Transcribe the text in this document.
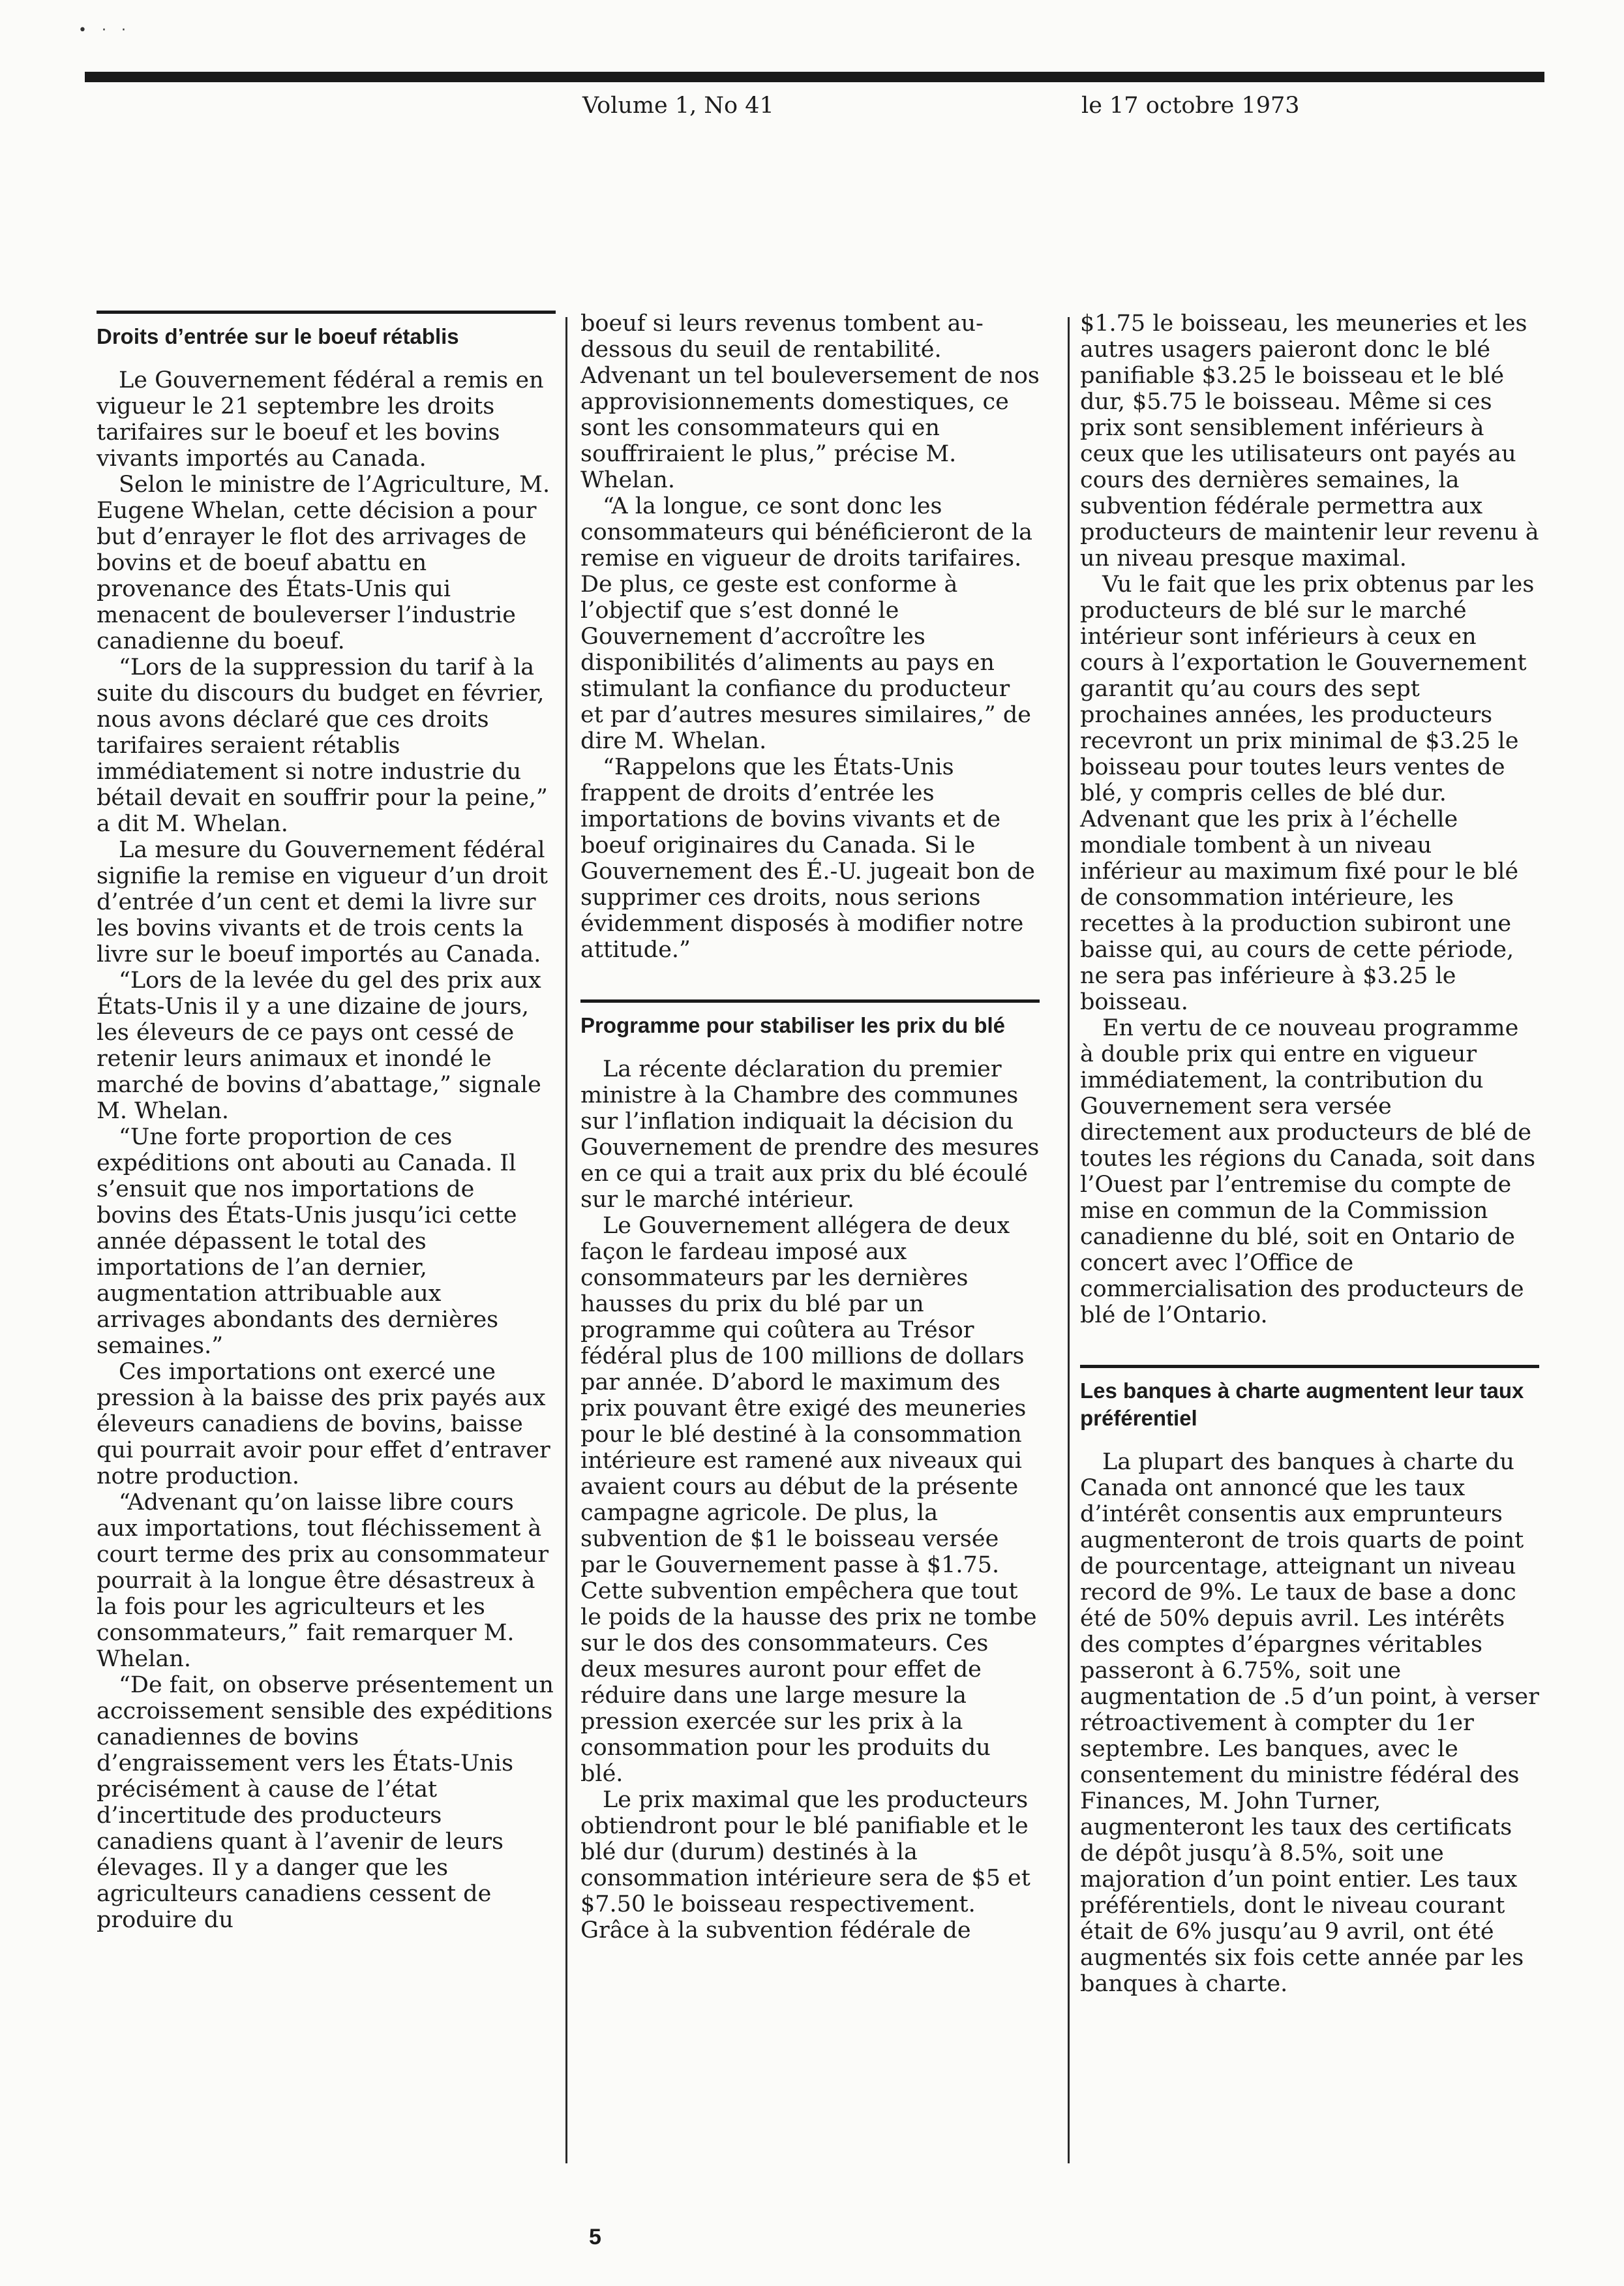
• · ·
Volume 1, No 41	le 17 octobre 1973
Droits d’entrée sur le boeuf rétablis

Le Gouvernement fédéral a remis en vigueur le 21 septembre les droits tarifaires sur le boeuf et les bovins vivants importés au Canada.

Selon le ministre de l’Agriculture, M. Eugene Whelan, cette décision a pour but d’enrayer le flot des arrivages de bovins et de boeuf abattu en provenance des États-Unis qui menacent de bouleverser l’industrie canadienne du boeuf.

“Lors de la suppression du tarif à la suite du discours du budget en février, nous avons déclaré que ces droits tarifaires seraient rétablis immédiatement si notre industrie du bétail devait en souffrir pour la peine,” a dit M. Whelan.

La mesure du Gouvernement fédéral signifie la remise en vigueur d’un droit d’entrée d’un cent et demi la livre sur les bovins vivants et de trois cents la livre sur le boeuf importés au Canada.

“Lors de la levée du gel des prix aux États-Unis il y a une dizaine de jours, les éleveurs de ce pays ont cessé de retenir leurs animaux et inondé le marché de bovins d’abattage,” signale M. Whelan.

“Une forte proportion de ces expéditions ont abouti au Canada. Il s’ensuit que nos importations de bovins des États-Unis jusqu’ici cette année dépassent le total des importations de l’an dernier, augmentation attribuable aux arrivages abondants des dernières semaines.”

Ces importations ont exercé une pression à la baisse des prix payés aux éleveurs canadiens de bovins, baisse qui pourrait avoir pour effet d’entraver notre production.

“Advenant qu’on laisse libre cours aux importations, tout fléchissement à court terme des prix au consommateur pourrait à la longue être désastreux à la fois pour les agriculteurs et les consommateurs,” fait remarquer M. Whelan.

“De fait, on observe présentement un accroissement sensible des expéditions canadiennes de bovins d’engraissement vers les États-Unis précisément à cause de l’état d’incertitude des producteurs canadiens quant à l’avenir de leurs élevages. Il y a danger que les agriculteurs canadiens cessent de produire du

boeuf si leurs revenus tombent au-dessous du seuil de rentabilité. Advenant un tel bouleversement de nos approvisionnements domestiques, ce sont les consommateurs qui en souffriraient le plus,” précise M. Whelan.

“A la longue, ce sont donc les consommateurs qui bénéficieront de la remise en vigueur de droits tarifaires. De plus, ce geste est conforme à l’objectif que s’est donné le Gouvernement d’accroître les disponibilités d’aliments au pays en stimulant la confiance du producteur et par d’autres mesures similaires,” de dire M. Whelan.

“Rappelons que les États-Unis frappent de droits d’entrée les importations de bovins vivants et de boeuf originaires du Canada. Si le Gouvernement des É.-U. jugeait bon de supprimer ces droits, nous serions évidemment disposés à modifier notre attitude.”

Programme pour stabiliser les prix du blé

La récente déclaration du premier ministre à la Chambre des communes sur l’inflation indiquait la décision du Gouvernement de prendre des mesures en ce qui a trait aux prix du blé écoulé sur le marché intérieur.

Le Gouvernement allégera de deux façon le fardeau imposé aux consommateurs par les dernières hausses du prix du blé par un programme qui coûtera au Trésor fédéral plus de 100 millions de dollars par année. D’abord le maximum des prix pouvant être exigé des meuneries pour le blé destiné à la consommation intérieure est ramené aux niveaux qui avaient cours au début de la présente campagne agricole. De plus, la subvention de $1 le boisseau versée par le Gouvernement passe à $1.75. Cette subvention empêchera que tout le poids de la hausse des prix ne tombe sur le dos des consommateurs. Ces deux mesures auront pour effet de réduire dans une large mesure la pression exercée sur les prix à la consommation pour les produits du blé.

Le prix maximal que les producteurs obtiendront pour le blé panifiable et le blé dur (durum) destinés à la consommation intérieure sera de $5 et $7.50 le boisseau respectivement. Grâce à la subvention fédérale de

$1.75 le boisseau, les meuneries et les autres usagers paieront donc le blé panifiable $3.25 le boisseau et le blé dur, $5.75 le boisseau. Même si ces prix sont sensiblement inférieurs à ceux que les utilisateurs ont payés au cours des dernières semaines, la subvention fédérale permettra aux producteurs de maintenir leur revenu à un niveau presque maximal.

Vu le fait que les prix obtenus par les producteurs de blé sur le marché intérieur sont inférieurs à ceux en cours à l’exportation le Gouvernement garantit qu’au cours des sept prochaines années, les producteurs recevront un prix minimal de $3.25 le boisseau pour toutes leurs ventes de blé, y compris celles de blé dur. Advenant que les prix à l’échelle mondiale tombent à un niveau inférieur au maximum fixé pour le blé de consommation intérieure, les recettes à la production subiront une baisse qui, au cours de cette période, ne sera pas inférieure à $3.25 le boisseau.

En vertu de ce nouveau programme à double prix qui entre en vigueur immédiatement, la contribution du Gouvernement sera versée directement aux producteurs de blé de toutes les régions du Canada, soit dans l’Ouest par l’entremise du compte de mise en commun de la Commission canadienne du blé, soit en Ontario de concert avec l’Office de commercialisation des producteurs de blé de l’Ontario.

Les banques à charte augmentent leur taux préférentiel

La plupart des banques à charte du Canada ont annoncé que les taux d’intérêt consentis aux emprunteurs augmenteront de trois quarts de point de pourcentage, atteignant un niveau record de 9%. Le taux de base a donc été de 50% depuis avril. Les intérêts des comptes d’épargnes véritables passeront à 6.75%, soit une augmentation de .5 d’un point, à verser rétroactivement à compter du 1er septembre. Les banques, avec le consentement du ministre fédéral des Finances, M. John Turner, augmenteront les taux des certificats de dépôt jusqu’à 8.5%, soit une majoration d’un point entier. Les taux préférentiels, dont le niveau courant était de 6% jusqu’au 9 avril, ont été augmentés six fois cette année par les banques à charte.

5
